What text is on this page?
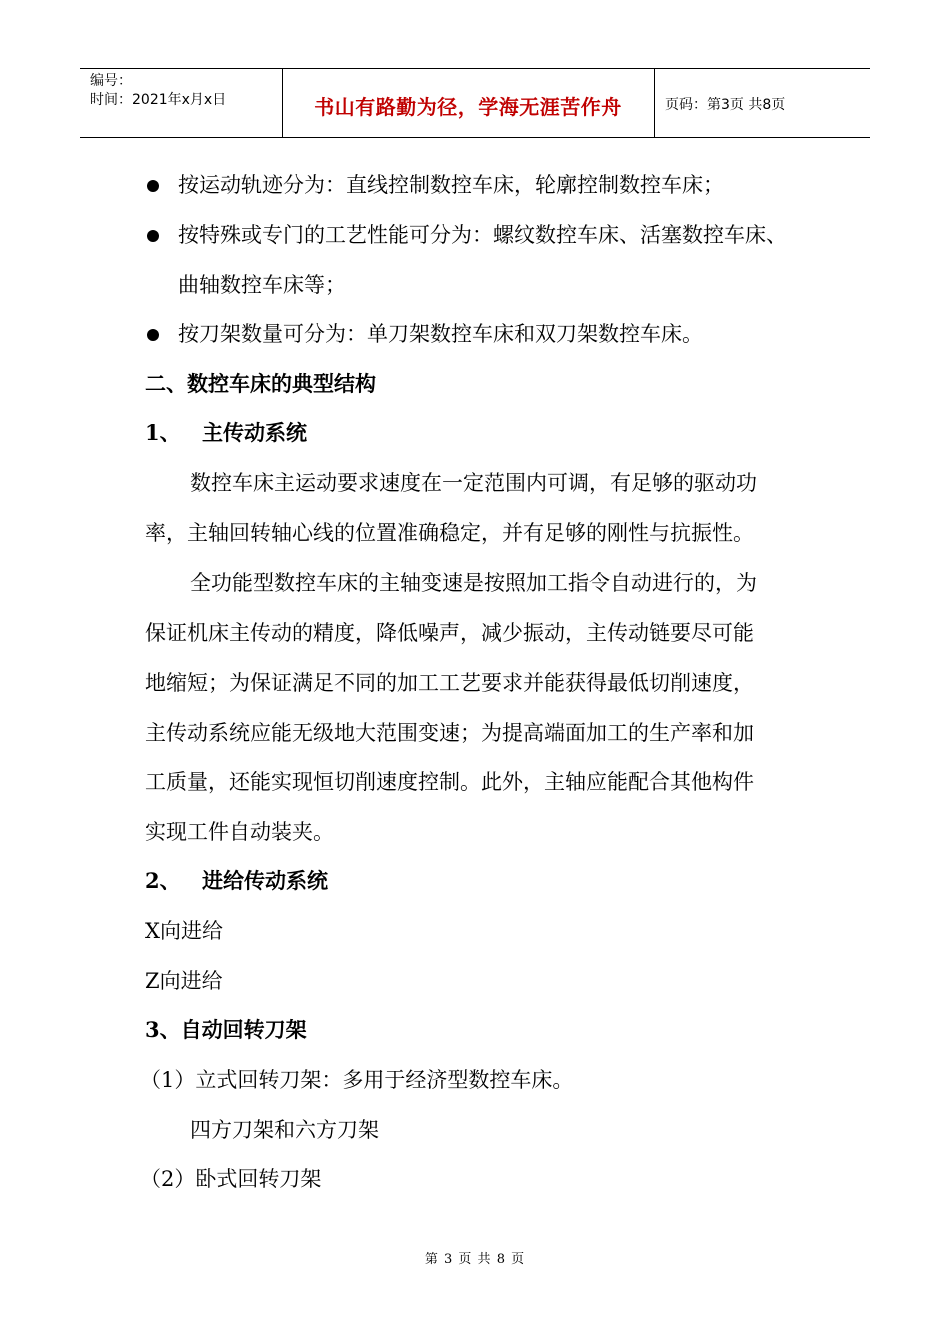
编号：
时间：2021年x月x日	书山有路勤为径，学海无涯苦作舟	页码：第3页 共8页
按运动轨迹分为：直线控制数控车床，轮廓控制数控车床；
按特殊或专门的工艺性能可分为：螺纹数控车床、活塞数控车床、
曲轴数控车床等；
按刀架数量可分为：单刀架数控车床和双刀架数控车床。
二、数控车床的典型结构
1、 主传动系统
数控车床主运动要求速度在一定范围内可调，有足够的驱动功
率，主轴回转轴心线的位置准确稳定，并有足够的刚性与抗振性。
全功能型数控车床的主轴变速是按照加工指令自动进行的，为
保证机床主传动的精度，降低噪声，减少振动，主传动链要尽可能
地缩短；为保证满足不同的加工工艺要求并能获得最低切削速度，
主传动系统应能无级地大范围变速；为提高端面加工的生产率和加
工质量，还能实现恒切削速度控制。此外，主轴应能配合其他构件
实现工件自动装夹。
2、 进给传动系统
X向进给
Z向进给
3、自动回转刀架
（1）立式回转刀架：多用于经济型数控车床。
四方刀架和六方刀架
（2）卧式回转刀架
第 3 页 共 8 页
